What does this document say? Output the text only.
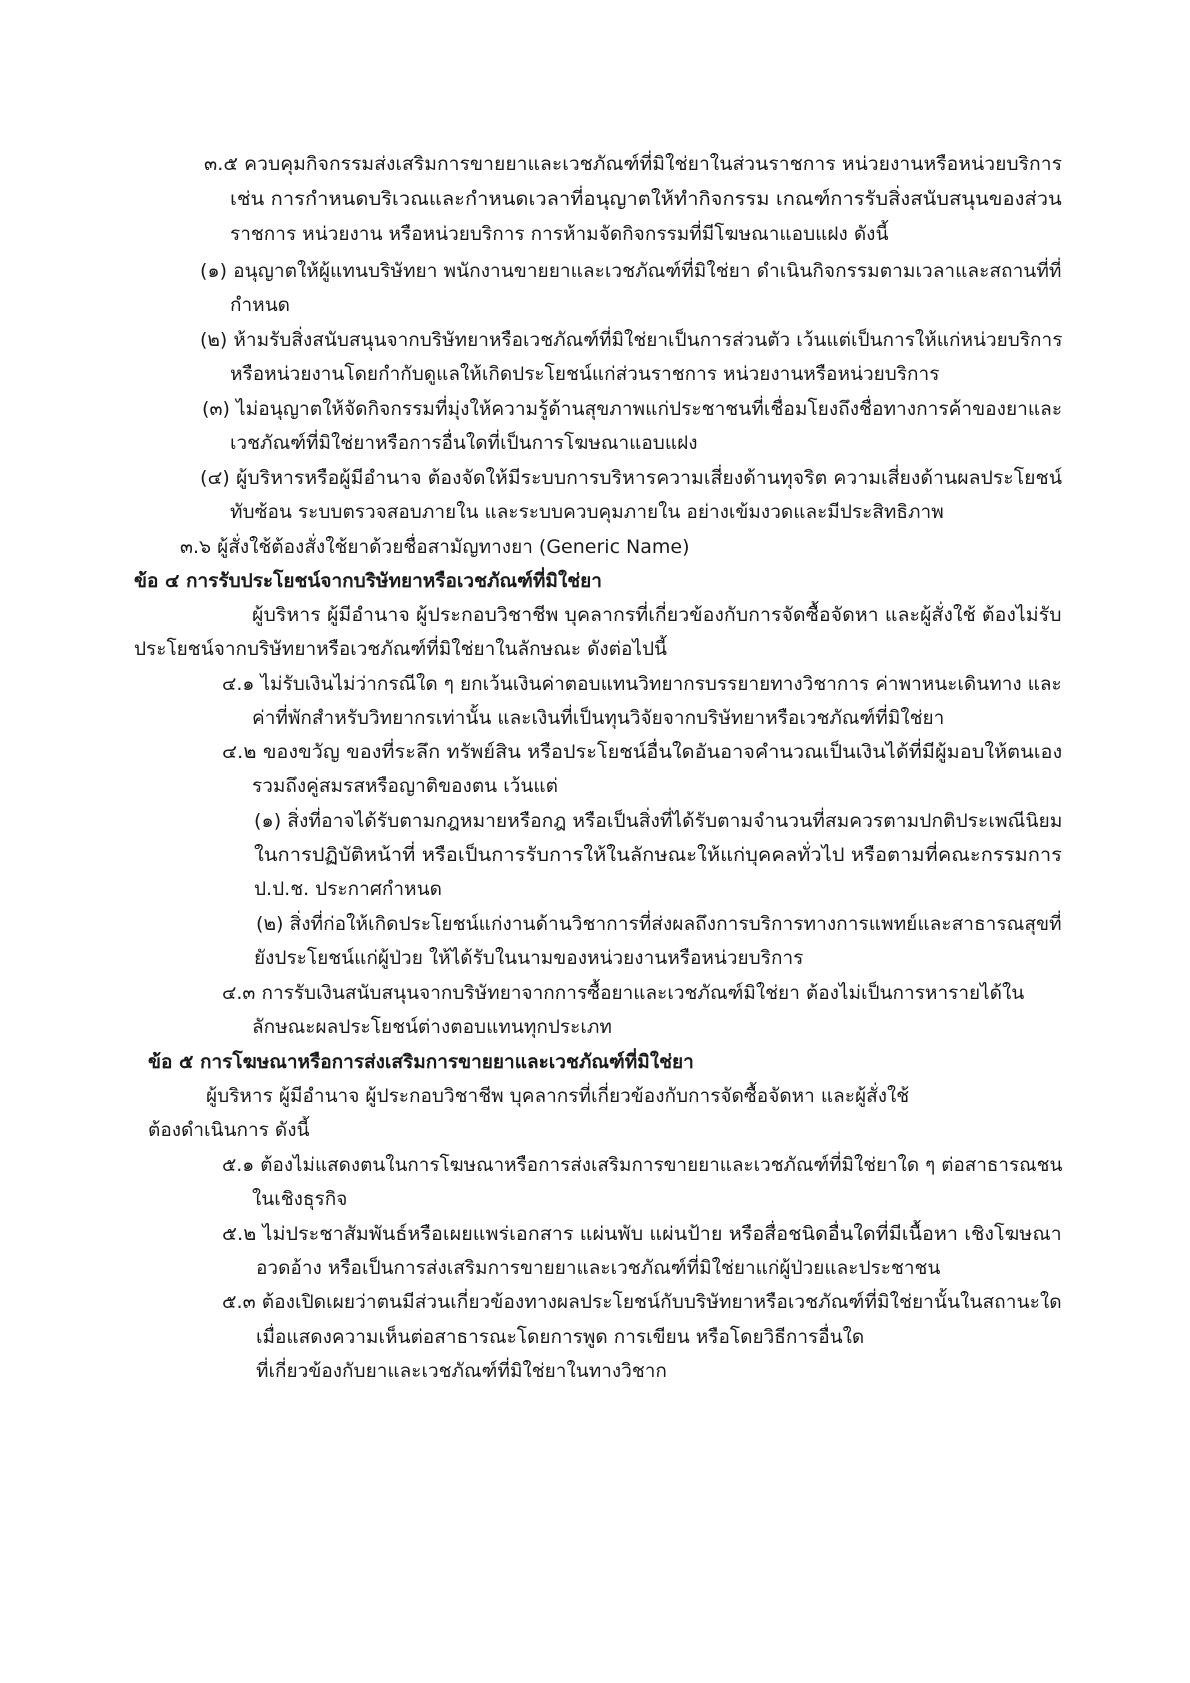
๓.๕ ควบคุมกิจกรรมส่งเสริมการขายยาและเวชภัณฑ์ที่มิใช่ยาในส่วนราชการ หน่วยงานหรือหน่วยบริการ
เช่น การกำหนดบริเวณและกำหนดเวลาที่อนุญาตให้ทำกิจกรรม เกณฑ์การรับสิ่งสนับสนุนของส่วน
ราชการ หน่วยงาน หรือหน่วยบริการ การห้ามจัดกิจกรรมที่มีโฆษณาแอบแฝง ดังนี้
(๑) อนุญาตให้ผู้แทนบริษัทยา พนักงานขายยาและเวชภัณฑ์ที่มิใช่ยา ดำเนินกิจกรรมตามเวลาและสถานที่ที่
กำหนด
(๒) ห้ามรับสิ่งสนับสนุนจากบริษัทยาหรือเวชภัณฑ์ที่มิใช่ยาเป็นการส่วนตัว เว้นแต่เป็นการให้แก่หน่วยบริการ
หรือหน่วยงานโดยกำกับดูแลให้เกิดประโยชน์แก่ส่วนราชการ หน่วยงานหรือหน่วยบริการ
(๓) ไม่อนุญาตให้จัดกิจกรรมที่มุ่งให้ความรู้ด้านสุขภาพแก่ประชาชนที่เชื่อมโยงถึงชื่อทางการค้าของยาและ
เวชภัณฑ์ที่มิใช่ยาหรือการอื่นใดที่เป็นการโฆษณาแอบแฝง
(๔) ผู้บริหารหรือผู้มีอำนาจ ต้องจัดให้มีระบบการบริหารความเสี่ยงด้านทุจริต ความเสี่ยงด้านผลประโยชน์
ทับซ้อน ระบบตรวจสอบภายใน และระบบควบคุมภายใน อย่างเข้มงวดและมีประสิทธิภาพ
๓.๖ ผู้สั่งใช้ต้องสั่งใช้ยาด้วยชื่อสามัญทางยา (Generic Name)
ข้อ ๔ การรับประโยชน์จากบริษัทยาหรือเวชภัณฑ์ที่มิใช่ยา
ผู้บริหาร ผู้มีอำนาจ ผู้ประกอบวิชาชีพ บุคลากรที่เกี่ยวข้องกับการจัดซื้อจัดหา และผู้สั่งใช้ ต้องไม่รับ
ประโยชน์จากบริษัทยาหรือเวชภัณฑ์ที่มิใช่ยาในลักษณะ ดังต่อไปนี้
๔.๑ ไม่รับเงินไม่ว่ากรณีใด ๆ ยกเว้นเงินค่าตอบแทนวิทยากรบรรยายทางวิชาการ ค่าพาหนะเดินทาง และ
ค่าที่พักสำหรับวิทยากรเท่านั้น และเงินที่เป็นทุนวิจัยจากบริษัทยาหรือเวชภัณฑ์ที่มิใช่ยา
๔.๒ ของขวัญ ของที่ระลึก ทรัพย์สิน หรือประโยชน์อื่นใดอันอาจคำนวณเป็นเงินได้ที่มีผู้มอบให้ตนเอง
รวมถึงคู่สมรสหรือญาติของตน เว้นแต่
(๑) สิ่งที่อาจได้รับตามกฎหมายหรือกฎ หรือเป็นสิ่งที่ได้รับตามจำนวนที่สมควรตามปกติประเพณีนิยม
ในการปฏิบัติหน้าที่ หรือเป็นการรับการให้ในลักษณะให้แก่บุคคลทั่วไป หรือตามที่คณะกรรมการ
ป.ป.ช. ประกาศกำหนด
(๒) สิ่งที่ก่อให้เกิดประโยชน์แก่งานด้านวิชาการที่ส่งผลถึงการบริการทางการแพทย์และสาธารณสุขที่
ยังประโยชน์แก่ผู้ป่วย ให้ได้รับในนามของหน่วยงานหรือหน่วยบริการ
๔.๓ การรับเงินสนับสนุนจากบริษัทยาจากการซื้อยาและเวชภัณฑ์มิใช่ยา ต้องไม่เป็นการหารายได้ใน
ลักษณะผลประโยชน์ต่างตอบแทนทุกประเภท
ข้อ ๕ การโฆษณาหรือการส่งเสริมการขายยาและเวชภัณฑ์ที่มิใช่ยา
ผู้บริหาร ผู้มีอำนาจ ผู้ประกอบวิชาชีพ บุคลากรที่เกี่ยวข้องกับการจัดซื้อจัดหา และผู้สั่งใช้
ต้องดำเนินการ ดังนี้
๕.๑ ต้องไม่แสดงตนในการโฆษณาหรือการส่งเสริมการขายยาและเวชภัณฑ์ที่มิใช่ยาใด ๆ ต่อสาธารณชน
ในเชิงธุรกิจ
๕.๒ ไม่ประชาสัมพันธ์หรือเผยแพร่เอกสาร แผ่นพับ แผ่นป้าย หรือสื่อชนิดอื่นใดที่มีเนื้อหา เชิงโฆษณา
อวดอ้าง หรือเป็นการส่งเสริมการขายยาและเวชภัณฑ์ที่มิใช่ยาแก่ผู้ป่วยและประชาชน
๕.๓ ต้องเปิดเผยว่าตนมีส่วนเกี่ยวข้องทางผลประโยชน์กับบริษัทยาหรือเวชภัณฑ์ที่มิใช่ยานั้นในสถานะใด
เมื่อแสดงความเห็นต่อสาธารณะโดยการพูด การเขียน หรือโดยวิธีการอื่นใด
ที่เกี่ยวข้องกับยาและเวชภัณฑ์ที่มิใช่ยาในทางวิชาก
